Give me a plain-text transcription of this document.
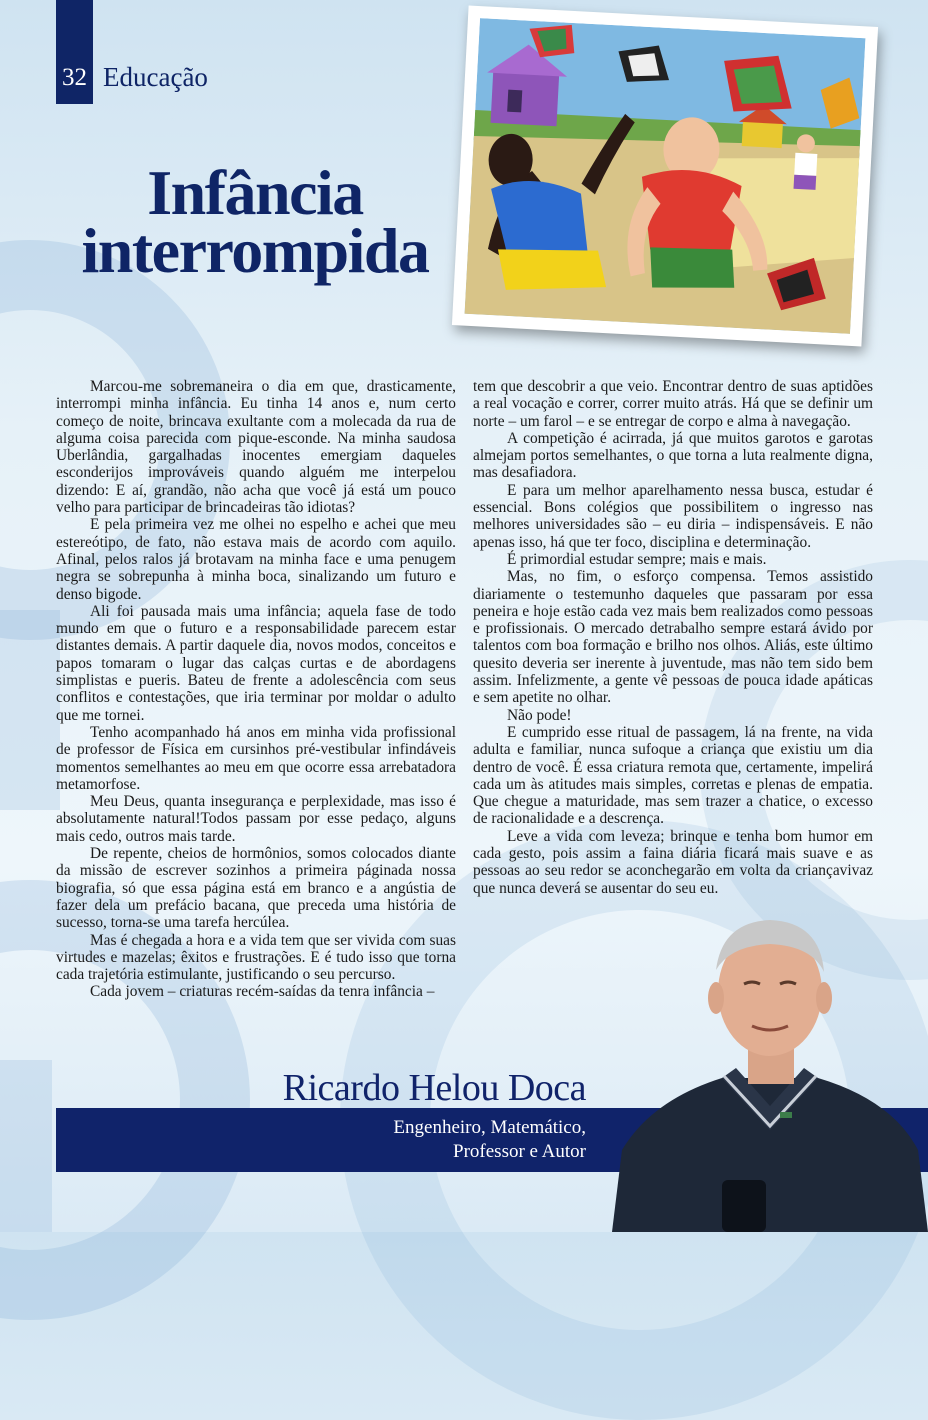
32 Educação
Infância
interrompida

Marcou-me sobremaneira o dia em que, drasticamente, interrompi minha infância. Eu tinha 14 anos e, num certo começo de noite, brincava exultante com a molecada da rua de alguma coisa parecida com pique-esconde. Na minha saudosa Uberlândia, gargalhadas inocentes emergiam daqueles esconderijos improváveis quando alguém me interpelou dizendo: E aí, grandão, não acha que você já está um pouco velho para participar de brincadeiras tão idiotas?

E pela primeira vez me olhei no espelho e achei que meu estereótipo, de fato, não estava mais de acordo com aquilo. Afinal, pelos ralos já brotavam na minha face e uma penugem negra se sobrepunha à minha boca, sinalizando um futuro e denso bigode.

Ali foi pausada mais uma infância; aquela fase de todo mundo em que o futuro e a responsabilidade parecem estar distantes demais. A partir daquele dia, novos modos, conceitos e papos tomaram o lugar das calças curtas e de abordagens simplistas e pueris. Bateu de frente a adolescência com seus conflitos e contestações, que iria terminar por moldar o adulto que me tornei.

Tenho acompanhado há anos em minha vida profissional de professor de Física em cursinhos pré-vestibular infindáveis momentos semelhantes ao meu em que ocorre essa arrebatadora metamorfose.

Meu Deus, quanta insegurança e perplexidade, mas isso é absolutamente natural!Todos passam por esse pedaço, alguns mais cedo, outros mais tarde.

De repente, cheios de hormônios, somos colocados diante da missão de escrever sozinhos a primeira páginada nossa biografia, só que essa página está em branco e a angústia de fazer dela um prefácio bacana, que preceda uma história de sucesso, torna-se uma tarefa hercúlea.

Mas é chegada a hora e a vida tem que ser vivida com suas virtudes e mazelas; êxitos e frustrações. E é tudo isso que torna cada trajetória estimulante, justificando o seu percurso.

Cada jovem – criaturas recém-saídas da tenra infância –

tem que descobrir a que veio. Encontrar dentro de suas aptidões a real vocação e correr, correr muito atrás. Há que se definir um norte – um farol – e se entregar de corpo e alma à navegação.

A competição é acirrada, já que muitos garotos e garotas almejam portos semelhantes, o que torna a luta realmente digna, mas desafiadora.

E para um melhor aparelhamento nessa busca, estudar é essencial. Bons colégios que possibilitem o ingresso nas melhores universidades são – eu diria – indispensáveis. E não apenas isso, há que ter foco, disciplina e determinação.

É primordial estudar sempre; mais e mais.

Mas, no fim, o esforço compensa. Temos assistido diariamente o testemunho daqueles que passaram por essa peneira e hoje estão cada vez mais bem realizados como pessoas e profissionais. O mercado detrabalho sempre estará ávido por talentos com boa formação e brilho nos olhos. Aliás, este último quesito deveria ser inerente à juventude, mas não tem sido bem assim. Infelizmente, a gente vê pessoas de pouca idade apáticas e sem apetite no olhar.

Não pode!

E cumprido esse ritual de passagem, lá na frente, na vida adulta e familiar, nunca sufoque a criança que existiu um dia dentro de você. É essa criatura remota que, certamente, impelirá cada um às atitudes mais simples, corretas e plenas de empatia. Que chegue a maturidade, mas sem trazer a chatice, o excesso de racionalidade e a descrença.

Leve a vida com leveza; brinque e tenha bom humor em cada gesto, pois assim a faina diária ficará mais suave e as pessoas ao seu redor se aconchegarão em volta da criançavivaz que nunca deverá se ausentar do seu eu.

Ricardo Helou Doca
Engenheiro, Matemático,
Professor e Autor
